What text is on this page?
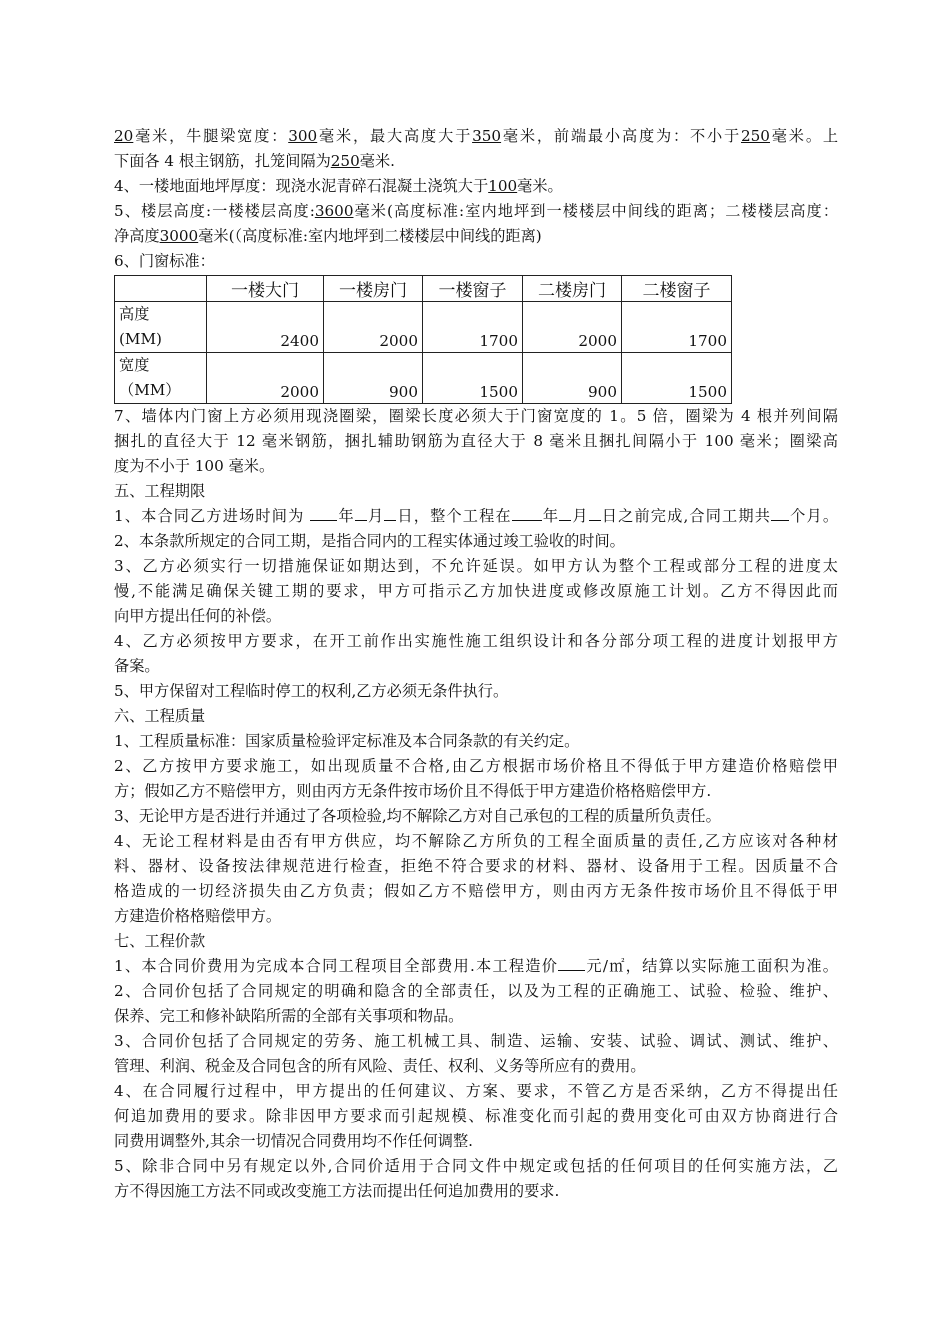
20毫米，牛腿梁宽度：300毫米，最大高度大于350毫米，前端最小高度为：不小于250毫米。上
下面各 4 根主钢筋，扎笼间隔为250毫米.
4、一楼地面地坪厚度：现浇水泥青碎石混凝土浇筑大于100毫米。
5、楼层高度:一楼楼层高度:3600毫米(高度标准:室内地坪到一楼楼层中间线的距离；二楼楼层高度：
净高度3000毫米(（高度标准:室内地坪到二楼楼层中间线的距离)
6、门窗标准：
	一楼大门	一楼房门	一楼窗子	二楼房门	二楼窗子

高度
(MM)	2400	2000	1700	2000	1700

宽度
（MM）	2000	900	1500	900	1500
7、墙体内门窗上方必须用现浇圈梁，圈梁长度必须大于门窗宽度的 1。5 倍，圈梁为 4 根并列间隔
捆扎的直径大于 12 毫米钢筋，捆扎辅助钢筋为直径大于 8 毫米且捆扎间隔小于 100 毫米；圈梁高
度为不小于 100 毫米。
五、工程期限
1、本合同乙方进场时间为 年 月 日，整个工程在 年 月 日之前完成,合同工期共 个月。
2、本条款所规定的合同工期，是指合同内的工程实体通过竣工验收的时间。
3、乙方必须实行一切措施保证如期达到，不允许延误。如甲方认为整个工程或部分工程的进度太
慢,不能满足确保关键工期的要求，甲方可指示乙方加快进度或修改原施工计划。乙方不得因此而
向甲方提出任何的补偿。
4、乙方必须按甲方要求，在开工前作出实施性施工组织设计和各分部分项工程的进度计划报甲方
备案。
5、甲方保留对工程临时停工的权利,乙方必须无条件执行。
六、工程质量
1、工程质量标准：国家质量检验评定标准及本合同条款的有关约定。
2、乙方按甲方要求施工，如出现质量不合格,由乙方根据市场价格且不得低于甲方建造价格赔偿甲
方；假如乙方不赔偿甲方，则由丙方无条件按市场价且不得低于甲方建造价格格赔偿甲方.
3、无论甲方是否进行并通过了各项检验,均不解除乙方对自己承包的工程的质量所负责任。
4、无论工程材料是由否有甲方供应，均不解除乙方所负的工程全面质量的责任,乙方应该对各种材
料、器材、设备按法律规范进行检查，拒绝不符合要求的材料、器材、设备用于工程。因质量不合
格造成的一切经济损失由乙方负责；假如乙方不赔偿甲方，则由丙方无条件按市场价且不得低于甲
方建造价格格赔偿甲方。
七、工程价款
1、本合同价费用为完成本合同工程项目全部费用.本工程造价 元/㎡，结算以实际施工面积为准。
2、合同价包括了合同规定的明确和隐含的全部责任，以及为工程的正确施工、试验、检验、维护、
保养、完工和修补缺陷所需的全部有关事项和物品。
3、合同价包括了合同规定的劳务、施工机械工具、制造、运输、安装、试验、调试、测试、维护、
管理、利润、税金及合同包含的所有风险、责任、权利、义务等所应有的费用。
4、在合同履行过程中，甲方提出的任何建议、方案、要求，不管乙方是否采纳，乙方不得提出任
何追加费用的要求。除非因甲方要求而引起规模、标准变化而引起的费用变化可由双方协商进行合
同费用调整外,其余一切情况合同费用均不作任何调整.
5、除非合同中另有规定以外,合同价适用于合同文件中规定或包括的任何项目的任何实施方法，乙
方不得因施工方法不同或改变施工方法而提出任何追加费用的要求.
